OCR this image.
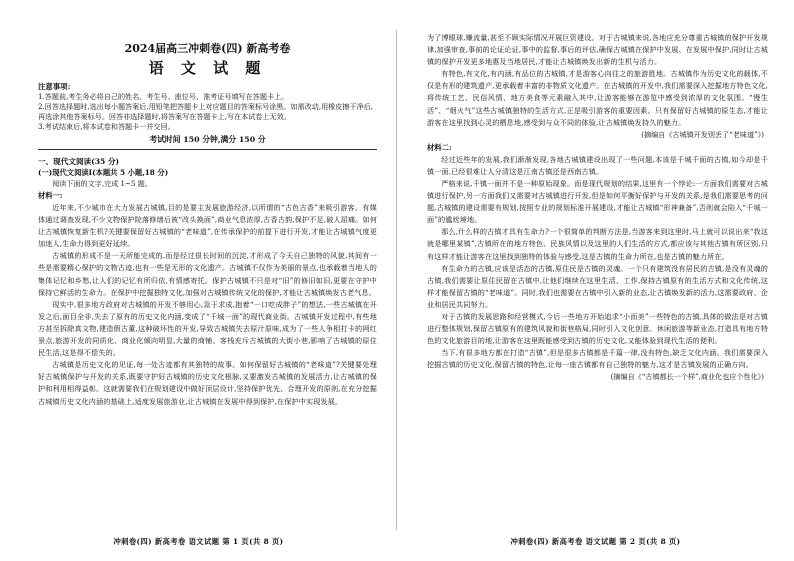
2024届高三冲刺卷(四) 新高考卷
语 文 试 题
注意事项:
1.答题前,考生务必将自己的姓名、考生号、座位号、准考证号填写在答题卡上。
2.回答选择题时,选出每小题答案后,用铅笔把答题卡上对应题目的答案标号涂黑。如需改动,用橡皮擦干净后,再选涂其他答案标号。回答非选择题时,将答案写在答题卡上,写在本试卷上无效。
3.考试结束后,将本试卷和答题卡一并交回。
考试时间 150 分钟,满分 150 分
一、现代文阅读(35 分)
(一)现代文阅读Ⅰ(本题共 5 小题,18 分)
阅读下面的文字,完成 1~5 题。
材料一:

近年来,不少城市在大力发展古城镇,目的是要主发展旅游经济,以所谓的“古色古香”来吸引游客。有媒体通过调查发现,不少文物保护院落修缮后被“改头换面”,商业气息浓厚,古香古韵,保护不足,破人屈痛。如何让古城镇恢复新生机?关键要保留好古城镇的“老味道”,在传承保护的前提下进行开发,才能让古城镇气度更加迷人,生命力得到更好延续。

古城镇的形成不是一天所能完成的,而是经过很长时间的沉淀,才形成了今天自己独特的风貌,其间有一些是需要精心保护的文物古迹,也有一些是无形的文化遗产。古城镇不仅作为美丽的景点,也承载着当地人的集体记忆和乡愁,让人们的记忆有所归依,有情感寄托。保护古城镇不只是对“旧”的修旧如旧,更要在守护中保持它鲜活的生命力。在保护中挖掘独特文化,加强对古城镇传统文化的保护,才能让古城镇焕发古老气息。

现实中,很多地方政府对古城镇的开发不够用心,急于求成,抱着“一口吃成胖子”的想法,一些古城镇在开发之后,面目全非,失去了原有的历史文化内涵,变成了“千城一面”的现代商业街。古城镇开发过程中,有些地方甚至拆除真文物,建造假古董,这种破坏性的开发,导致古城镇失去原汁原味,成为了一些人争相打卡的网红景点,旅游开发的同质化、商业化倾向明显,大量的商铺、客栈充斥古城镇的大街小巷,影响了古城镇的原住民生活,这是得不偿失的。

古城镇是历史文化的见证,每一处古迹都有其独特的故事。如何保留好古城镇的“老味道”?关键要处理好古城镇保护与开发的关系,既要守护好古城镇的历史文化根脉,又要激发古城镇的发展活力,让古城镇的保护和利用相得益彰。这就需要我们在规划建设中做好顶层设计,坚持保护优先、合理开发的原则,在充分挖掘古城镇历史文化内涵的基础上,适度发展旅游业,让古城镇在发展中得到保护,在保护中实现发展。

为了博眼球,赚流量,甚至不顾实际情况开展巨资建设。对于古城镇来说,各地应充分尊重古城镇的保护开发规律,加强审查,事前的论证论证,事中的监督,事后的评估,确保古城镇在保护中发展、在发展中保护,同时让古城镇的保护开发更多地惠及当地居民,才能让古城镇焕发出新的生机与活力。

有特色,有文化,有内涵,有品位的古城镇,才是游客心向往之的旅游胜地。古城镇作为历史文化的载体,不仅是有形的建筑遗产,更承载着丰富的非物质文化遗产。在古城镇的开发中,我们需要深入挖掘地方特色文化,将传统工艺、民俗风情、地方美食等元素融入其中,让游客能够在游览中感受到浓厚的文化氛围。“慢生活”、“烟火气”这些古城镇独特的生活方式,正是吸引游客的重要因素。只有保留好古城镇的原生态,才能让游客在这里找到心灵的栖息地,感受到与众不同的体验,让古城镇焕发持久的魅力。

(摘编自《古城镇开发别丢了“老味道”》)
材料二:

经过近些年的发展,我们渐渐发现,各地古城镇建设出现了一些问题,本该是千城千面的古镇,如今却是千镇一面,已经很难让人分清这是江南古镇还是西南古镇。

严格来说,千镇一面并不是一种原始现象。而是现代规划的结果,这里有一个悖论:一方面我们需要对古城镇进行保护,另一方面我们又需要对古城镇进行开发,但是如何平衡好保护与开发的关系,是我们需要思考的问题,古城镇的建设需要有规划,按照专业的规划标准开展建设,才能让古城镇“形神兼备”,否则就会陷入“千城一面”的尴尬境地。

那么,什么样的古镇才具有生命力?一个很简单的判断方法是,当游客来到这里时,马上就可以说出来“我这就是哪里某镇”,古镇所在的地方特色、民族风情以及这里的人们生活的方式,都应该与其他古镇有所区别,只有这样才能让游客在这里找到独特的体验与感受,这是古镇的生命力所在,也是古镇的魅力所在。

有生命力的古镇,应该是活态的古镇,原住民是古镇的灵魂。一个只有建筑没有居民的古镇,是没有灵魂的古镇,我们需要让原住民留在古镇中,让他们继续在这里生活、工作,保持古镇原有的生活方式和文化传统,这样才能保留古镇的“老味道”。同时,我们也需要在古镇中引入新的业态,让古镇焕发新的活力,这需要政府、企业和居民共同努力。

对于古镇的发展思路和经营模式,今后一些地方开始追求“小而美”一些特色的古镇,具体的做法是对古镇进行整体规划,保留古镇原有的建筑风貌和街巷格局,同时引入文化创意、休闲旅游等新业态,打造具有地方特色的文化旅游目的地,让游客在这里既能感受到古镇的历史文化,又能体验到现代生活的便利。

当下,有很多地方都在打造“古镇”,但是很多古镇都是千篇一律,没有特色,缺乏文化内涵。我们需要深入挖掘古镇的历史文化,保留古镇的特色,让每一座古镇都有自己独特的魅力,这才是古镇发展的正确方向。

(摘编自《“古镇都长一个样”,商业化也应个性化》)
冲刺卷(四) 新高考卷 语文试题 第 1 页(共 8 页)	冲刺卷(四) 新高考卷 语文试题 第 2 页(共 8 页)
